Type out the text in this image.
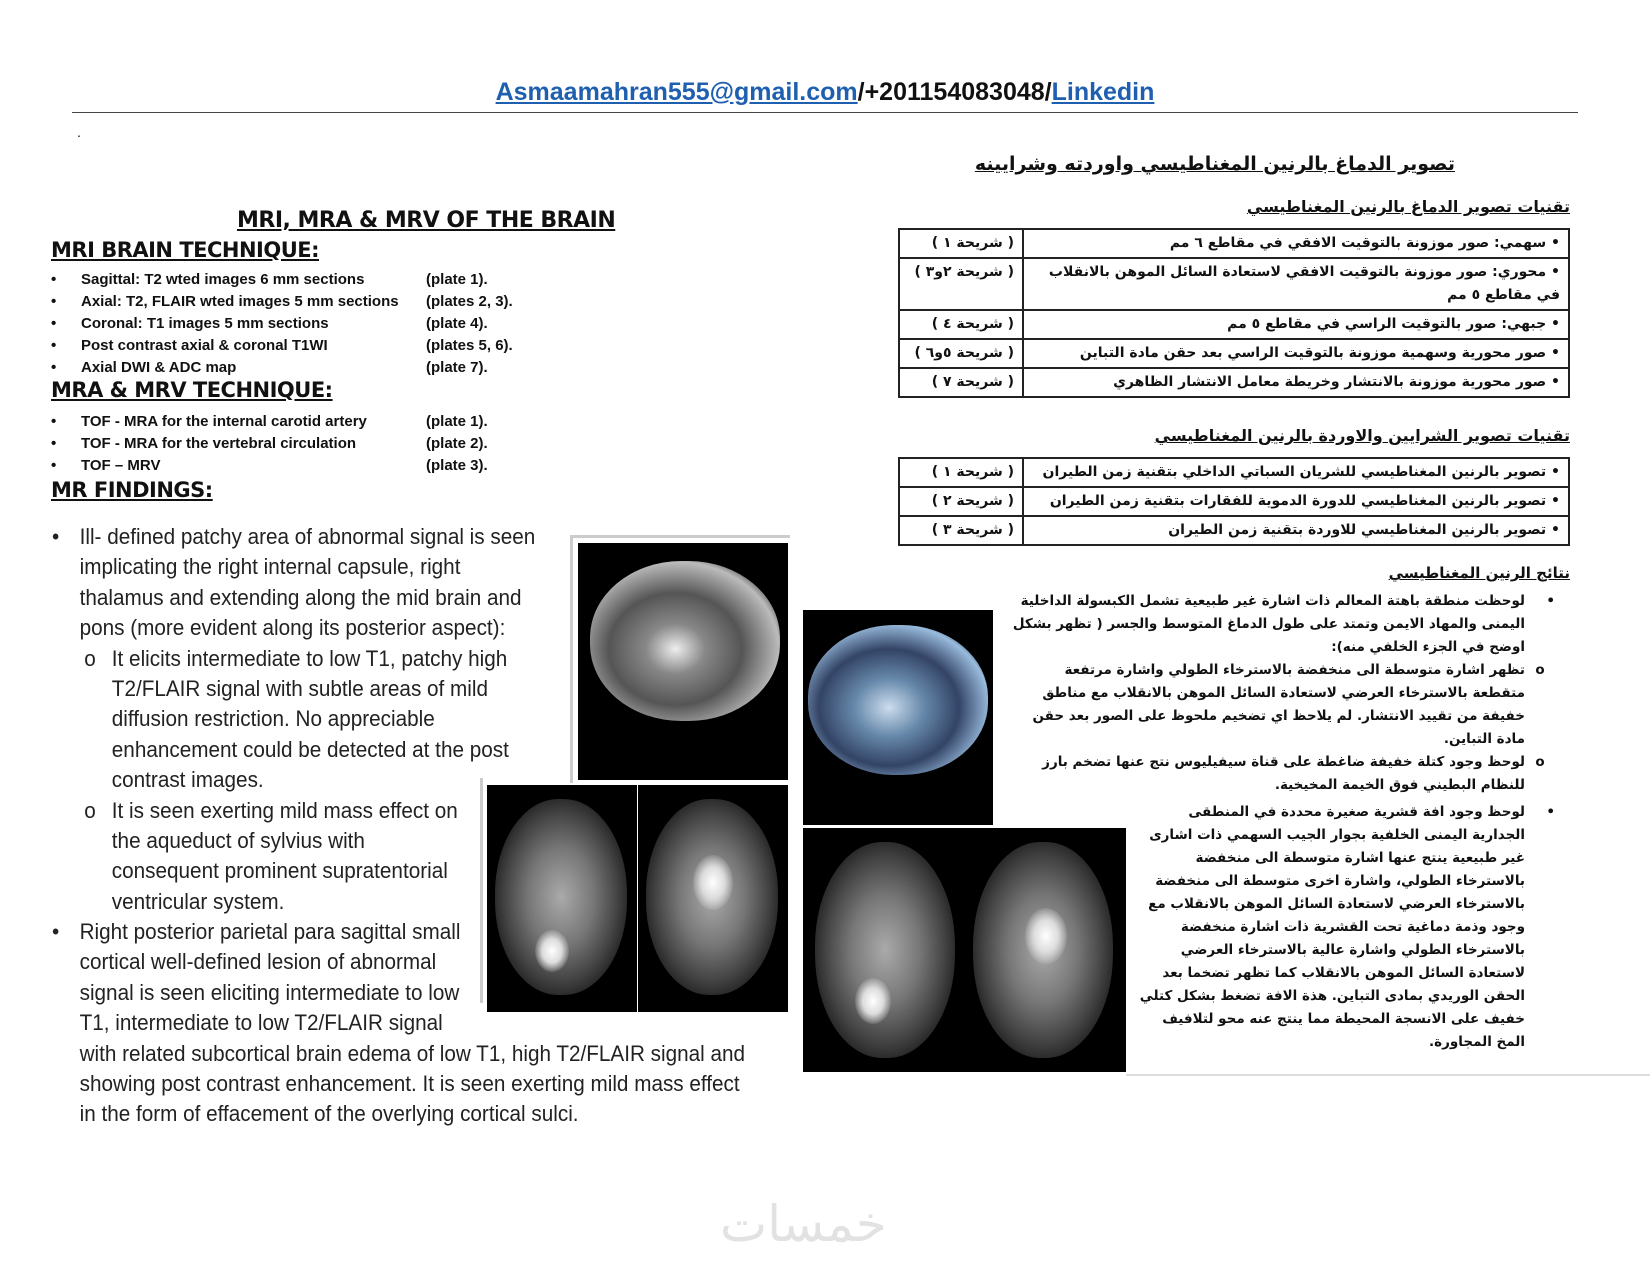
Asmaamahran555@gmail.com/+201154083048/Linkedin
.
MRI, MRA & MRV OF THE BRAIN
MRI BRAIN TECHNIQUE:
•	Sagittal: T2 wted images 6 mm sections	(plate 1).
•	Axial: T2, FLAIR wted images 5 mm sections	(plates 2, 3).
•	Coronal: T1 images 5 mm sections	(plate 4).
•	Post contrast axial & coronal T1WI	(plates 5, 6).
•	Axial DWI & ADC map	(plate 7).
MRA & MRV TECHNIQUE:
•	TOF - MRA for the internal carotid artery	(plate 1).
•	TOF - MRA for the vertebral circulation	(plate 2).
•	TOF – MRV	(plate 3).
MR FINDINGS:
• Ill- defined patchy area of abnormal signal is seen
implicating the right internal capsule, right
thalamus and extending along the mid brain and
pons (more evident along its posterior aspect):
o It elicits intermediate to low T1, patchy high
T2/FLAIR signal with subtle areas of mild
diffusion restriction. No appreciable
enhancement could be detected at the post
contrast images.
o It is seen exerting mild mass effect on
the aqueduct of sylvius with
consequent prominent supratentorial
ventricular system.
• Right posterior parietal para sagittal small
cortical well-defined lesion of abnormal
signal is seen eliciting intermediate to low
T1, intermediate to low T2/FLAIR signal
with related subcortical brain edema of low T1, high T2/FLAIR signal and
showing post contrast enhancement. It is seen exerting mild mass effect
in the form of effacement of the overlying cortical sulci.
تصوير الدماغ بالرنين المغناطيسي واوردته وشرايينه
تقنيات تصوير الدماغ بالرنين المغناطيسي
• سهمي: صور موزونة بالتوقيت الافقي في مقاطع ٦ مم	( شريحة ١ )
• محوري: صور موزونة بالتوقيت الافقي لاستعادة السائل الموهن بالانقلاب في مقاطع ٥ مم	( شريحة ٢و٣ )
• جبهي: صور بالتوقيت الراسي في مقاطع ٥ مم	( شريحة ٤ )
• صور محورية وسهمية موزونة بالتوقيت الراسي بعد حقن مادة التباين	( شريحة ٥و٦ )
• صور محورية موزونة بالانتشار وخريطة معامل الانتشار الظاهري	( شريحة ٧ )
تقنيات تصوير الشرايين والاوردة بالرنين المغناطيسي
• تصوير بالرنين المغناطيسي للشريان السباتي الداخلي بتقنية زمن الطيران	( شريحة ١ )
• تصوير بالرنين المغناطيسي للدورة الدموية للفقارات بتقنية زمن الطيران	( شريحة ٢ )
• تصوير بالرنين المغناطيسي للاوردة بتقنية زمن الطيران	( شريحة ٣ )
نتائج الرنين المغناطيسي
•
لوحظت منطقة باهتة المعالم ذات اشارة غير طبيعية تشمل الكبسولة الداخلية اليمنى والمهاد الايمن وتمتد على طول الدماغ المتوسط والجسر ( تظهر بشكل اوضح في الجزء الخلفي منه):
o
تظهر اشارة متوسطة الى منخفضة بالاسترخاء الطولي واشارة مرتفعة متقطعة بالاسترخاء العرضي لاستعادة السائل الموهن بالانقلاب مع مناطق خفيفة من تقييد الانتشار. لم يلاحظ اي تضخيم ملحوظ على الصور بعد حقن مادة التباين.
o
لوحظ وجود كتلة خفيفة ضاغطة على قناة سيفيليوس نتج عنها تضخم بارز للنظام البطيني فوق الخيمة المخيخية.
•
لوحظ وجود افة قشرية صغيرة محددة في المنطقى الجدارية اليمنى الخلفية بجوار الجيب السهمي ذات اشارى غير طبيعية ينتج عنها اشارة متوسطة الى منخفضة بالاسترخاء الطولي، واشارة اخرى متوسطة الى منخفضة بالاسترخاء العرضي لاستعادة السائل الموهن بالانقلاب مع وجود وذمة دماغية تحت القشرية ذات اشارة منخفضة بالاسترخاء الطولي واشارة عالية بالاسترخاء العرضي لاستعادة السائل الموهن بالانقلاب كما تظهر تضخما بعد الحقن الوريدي بمادى التباين. هذة الافة تضغط بشكل كتلي خفيف على الانسجة المحيطة مما ينتج عنه محو لتلافيف المخ المجاورة.
خمسات
